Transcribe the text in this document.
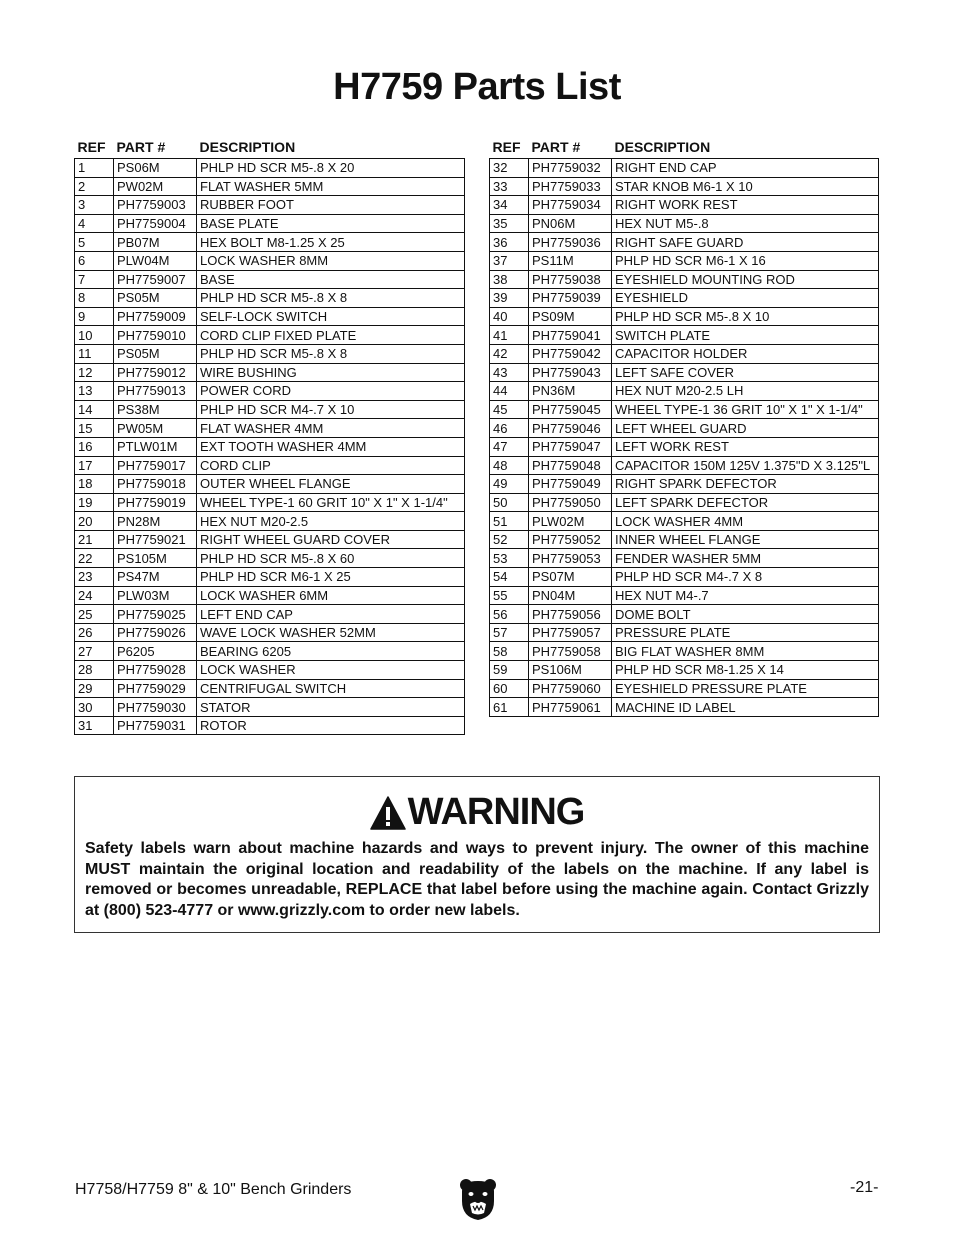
H7759 Parts List
REF	PART #	DESCRIPTION
1	PS06M	PHLP HD SCR M5-.8 X 20
2	PW02M	FLAT WASHER 5MM
3	PH7759003	RUBBER FOOT
4	PH7759004	BASE PLATE
5	PB07M	HEX BOLT M8-1.25 X 25
6	PLW04M	LOCK WASHER 8MM
7	PH7759007	BASE
8	PS05M	PHLP HD SCR M5-.8 X 8
9	PH7759009	SELF-LOCK SWITCH
10	PH7759010	CORD CLIP FIXED PLATE
11	PS05M	PHLP HD SCR M5-.8 X 8
12	PH7759012	WIRE BUSHING
13	PH7759013	POWER CORD
14	PS38M	PHLP HD SCR M4-.7 X 10
15	PW05M	FLAT WASHER 4MM
16	PTLW01M	EXT TOOTH WASHER 4MM
17	PH7759017	CORD CLIP
18	PH7759018	OUTER WHEEL FLANGE
19	PH7759019	WHEEL TYPE-1 60 GRIT 10" X 1" X 1-1/4"
20	PN28M	HEX NUT M20-2.5
21	PH7759021	RIGHT WHEEL GUARD COVER
22	PS105M	PHLP HD SCR M5-.8 X 60
23	PS47M	PHLP HD SCR M6-1 X 25
24	PLW03M	LOCK WASHER 6MM
25	PH7759025	LEFT END CAP
26	PH7759026	WAVE LOCK WASHER 52MM
27	P6205	BEARING 6205
28	PH7759028	LOCK WASHER
29	PH7759029	CENTRIFUGAL SWITCH
30	PH7759030	STATOR
31	PH7759031	ROTOR
REF	PART #	DESCRIPTION
32	PH7759032	RIGHT END CAP
33	PH7759033	STAR KNOB M6-1 X 10
34	PH7759034	RIGHT WORK REST
35	PN06M	HEX NUT M5-.8
36	PH7759036	RIGHT SAFE GUARD
37	PS11M	PHLP HD SCR M6-1 X 16
38	PH7759038	EYESHIELD MOUNTING ROD
39	PH7759039	EYESHIELD
40	PS09M	PHLP HD SCR M5-.8 X 10
41	PH7759041	SWITCH PLATE
42	PH7759042	CAPACITOR HOLDER
43	PH7759043	LEFT SAFE COVER
44	PN36M	HEX NUT M20-2.5 LH
45	PH7759045	WHEEL TYPE-1 36 GRIT 10" X 1" X 1-1/4"
46	PH7759046	LEFT WHEEL GUARD
47	PH7759047	LEFT WORK REST
48	PH7759048	CAPACITOR 150M 125V 1.375"D X 3.125"L
49	PH7759049	RIGHT SPARK DEFECTOR
50	PH7759050	LEFT SPARK DEFECTOR
51	PLW02M	LOCK WASHER 4MM
52	PH7759052	INNER WHEEL FLANGE
53	PH7759053	FENDER WASHER 5MM
54	PS07M	PHLP HD SCR M4-.7 X 8
55	PN04M	HEX NUT M4-.7
56	PH7759056	DOME BOLT
57	PH7759057	PRESSURE PLATE
58	PH7759058	BIG FLAT WASHER 8MM
59	PS106M	PHLP HD SCR M8-1.25 X 14
60	PH7759060	EYESHIELD PRESSURE PLATE
61	PH7759061	MACHINE ID LABEL
WARNING

Safety labels warn about machine hazards and ways to prevent injury. The owner of this machine MUST maintain the original location and readability of the labels on the machine. If any label is removed or becomes unreadable, REPLACE that label before using the machine again. Contact Grizzly at (800) 523-4777 or www.grizzly.com to order new labels.

H7758/H7759 8" & 10" Bench Grinders	-21-
